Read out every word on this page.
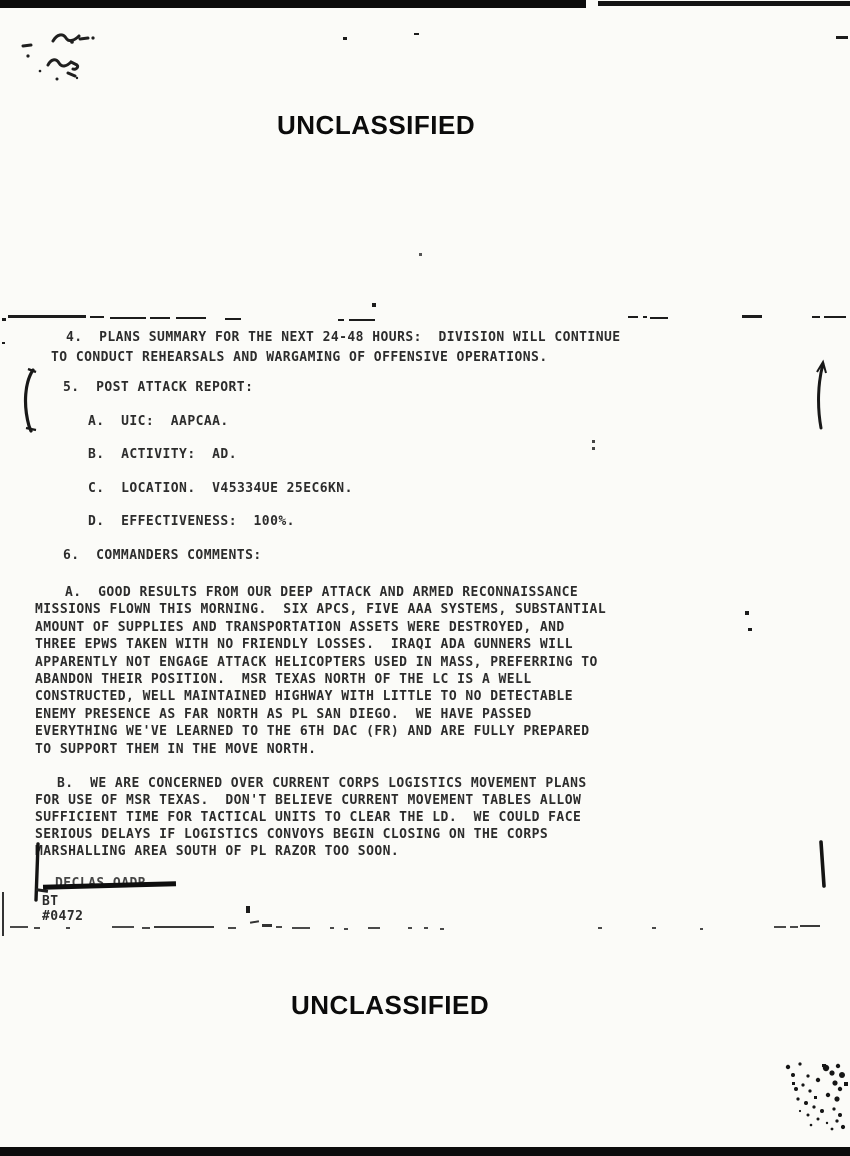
UNCLASSIFIED
UNCLASSIFIED
4.  PLANS SUMMARY FOR THE NEXT 24-48 HOURS:  DIVISION WILL CONTINUE
TO CONDUCT REHEARSALS AND WARGAMING OF OFFENSIVE OPERATIONS.
5.  POST ATTACK REPORT:
A.  UIC:  AAPCAA.
B.  ACTIVITY:  AD.
C.  LOCATION.  V45334UE 25EC6KN.
D.  EFFECTIVENESS:  100%.
6.  COMMANDERS COMMENTS:
A.  GOOD RESULTS FROM OUR DEEP ATTACK AND ARMED RECONNAISSANCE
MISSIONS FLOWN THIS MORNING.  SIX APCS, FIVE AAA SYSTEMS, SUBSTANTIAL
AMOUNT OF SUPPLIES AND TRANSPORTATION ASSETS WERE DESTROYED, AND
THREE EPWS TAKEN WITH NO FRIENDLY LOSSES.  IRAQI ADA GUNNERS WILL
APPARENTLY NOT ENGAGE ATTACK HELICOPTERS USED IN MASS, PREFERRING TO
ABANDON THEIR POSITION.  MSR TEXAS NORTH OF THE LC IS A WELL
CONSTRUCTED, WELL MAINTAINED HIGHWAY WITH LITTLE TO NO DETECTABLE
ENEMY PRESENCE AS FAR NORTH AS PL SAN DIEGO.  WE HAVE PASSED
EVERYTHING WE'VE LEARNED TO THE 6TH DAC (FR) AND ARE FULLY PREPARED
TO SUPPORT THEM IN THE MOVE NORTH.
B.  WE ARE CONCERNED OVER CURRENT CORPS LOGISTICS MOVEMENT PLANS
FOR USE OF MSR TEXAS.  DON'T BELIEVE CURRENT MOVEMENT TABLES ALLOW
SUFFICIENT TIME FOR TACTICAL UNITS TO CLEAR THE LD.  WE COULD FACE
SERIOUS DELAYS IF LOGISTICS CONVOYS BEGIN CLOSING ON THE CORPS
MARSHALLING AREA SOUTH OF PL RAZOR TOO SOON.
BT
#0472
